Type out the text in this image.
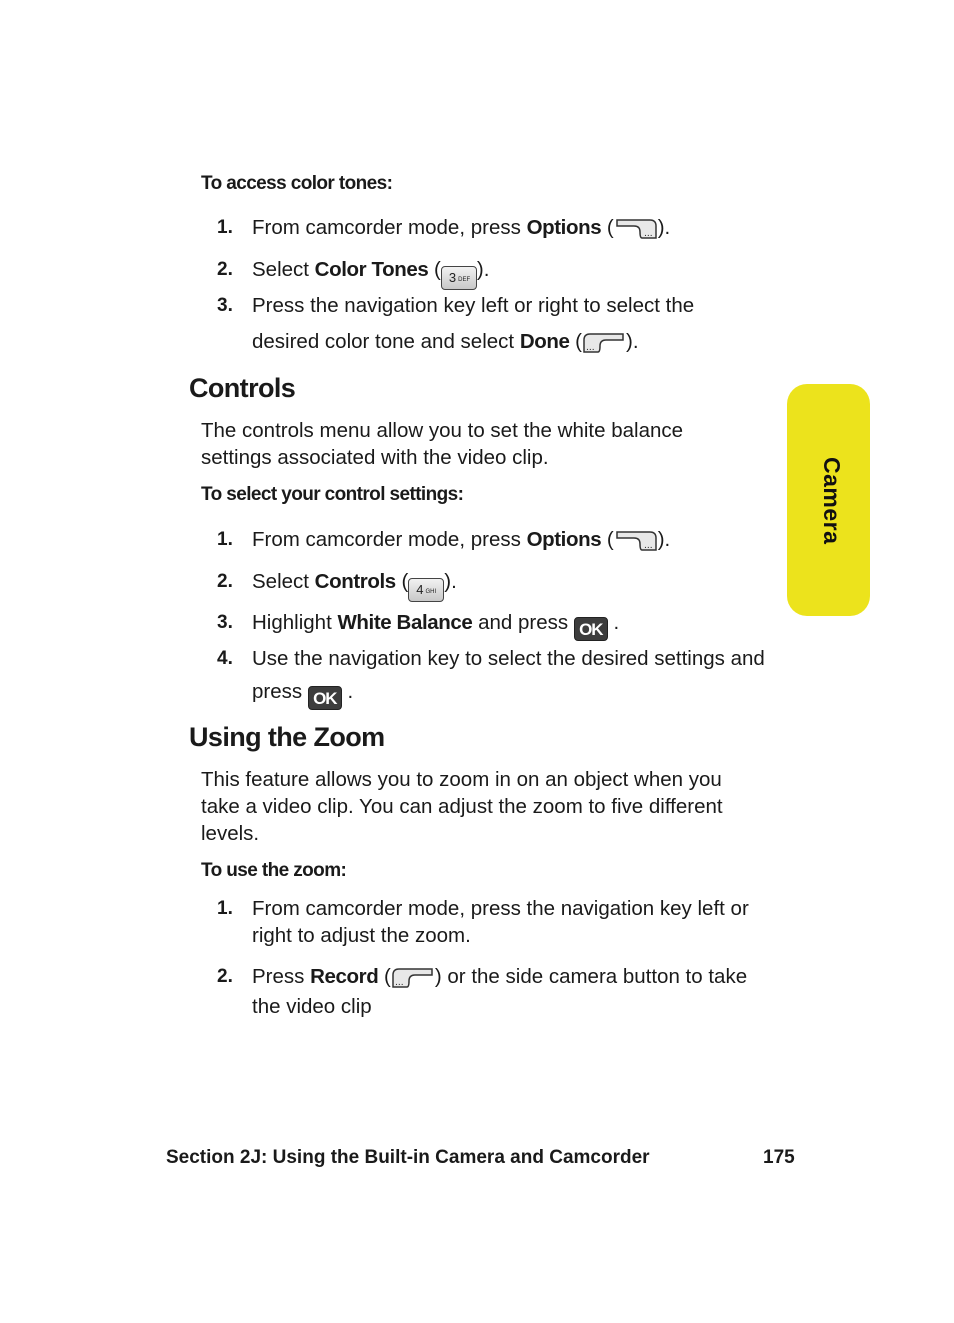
To access color tones:
1. From camcorder mode, press Options (	... ).
2. Select Color Tones ( 3 DEF ).
3. Press the navigation key left or right to select the
desired color tone and select Done ( ... ).
Controls
The controls menu allow you to set the white balance
settings associated with the video clip.
To select your control settings:
1. From camcorder mode, press Options (	... ).
2. Select Controls ( 4 GHI ).
3. Highlight White Balance and press OK .
4. Use the navigation key to select the desired settings and
press OK .
Using the Zoom
This feature allows you to zoom in on an object when you
take a video clip. You can adjust the zoom to five different
levels.
To use the zoom:
1. From camcorder mode, press the navigation key left or
right to adjust the zoom.
2. Press Record ( ... ) or the side camera button to take
the video clip
Camera
Section 2J: Using the Built-in Camera and Camcorder	175
